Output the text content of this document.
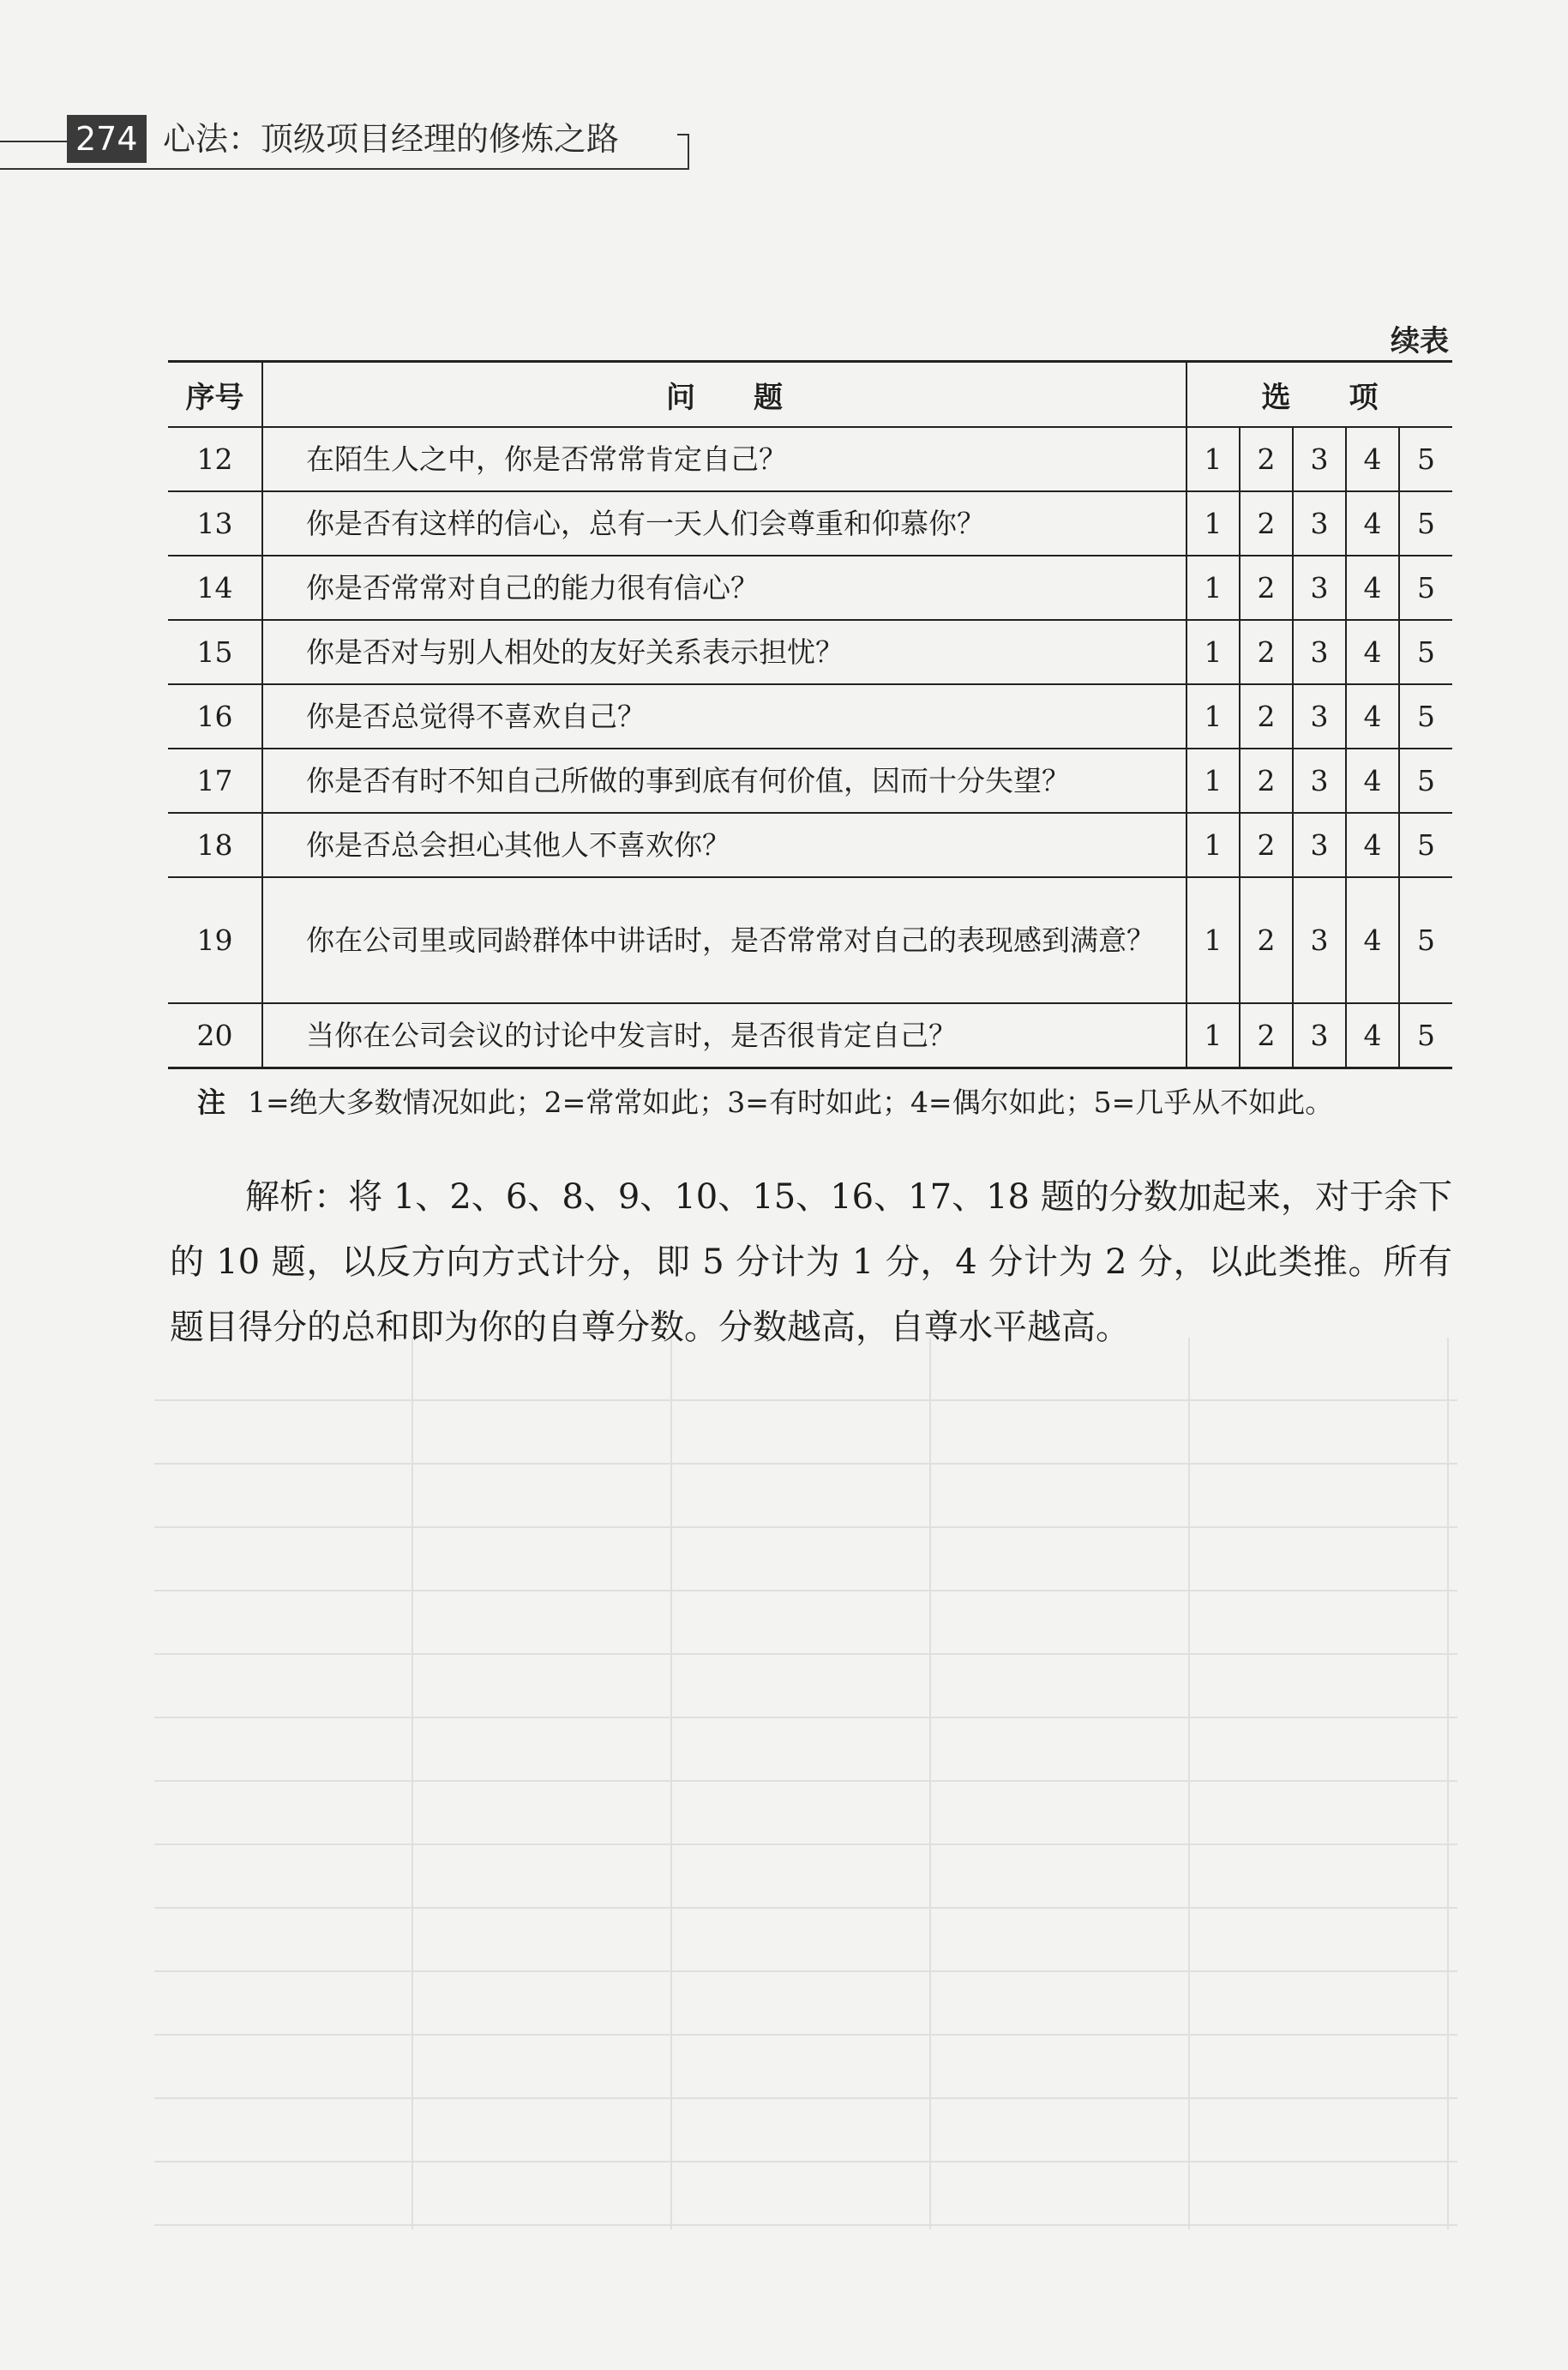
274 心法：顶级项目经理的修炼之路
续表
序号	问　　题	选　　项				
12	在陌生人之中，你是否常常肯定自己？	1	2	3	4	5
13	你是否有这样的信心，总有一天人们会尊重和仰慕你？	1	2	3	4	5
14	你是否常常对自己的能力很有信心？	1	2	3	4	5
15	你是否对与别人相处的友好关系表示担忧？	1	2	3	4	5
16	你是否总觉得不喜欢自己？	1	2	3	4	5
17	你是否有时不知自己所做的事到底有何价值，因而十分失望？	1	2	3	4	5
18	你是否总会担心其他人不喜欢你？	1	2	3	4	5
19	你在公司里或同龄群体中讲话时，是否常常对自己的表现感到满意？	1	2	3	4	5
20	当你在公司会议的讨论中发言时，是否很肯定自己？	1	2	3	4	5
注 1=绝大多数情况如此；2=常常如此；3=有时如此；4=偶尔如此；5=几乎从不如此。

解析：将 1、2、6、8、9、10、15、16、17、18 题的分数加起来，对于余下的 10 题，以反方向方式计分，即 5 分计为 1 分，4 分计为 2 分，以此类推。所有题目得分的总和即为你的自尊分数。分数越高，自尊水平越高。
